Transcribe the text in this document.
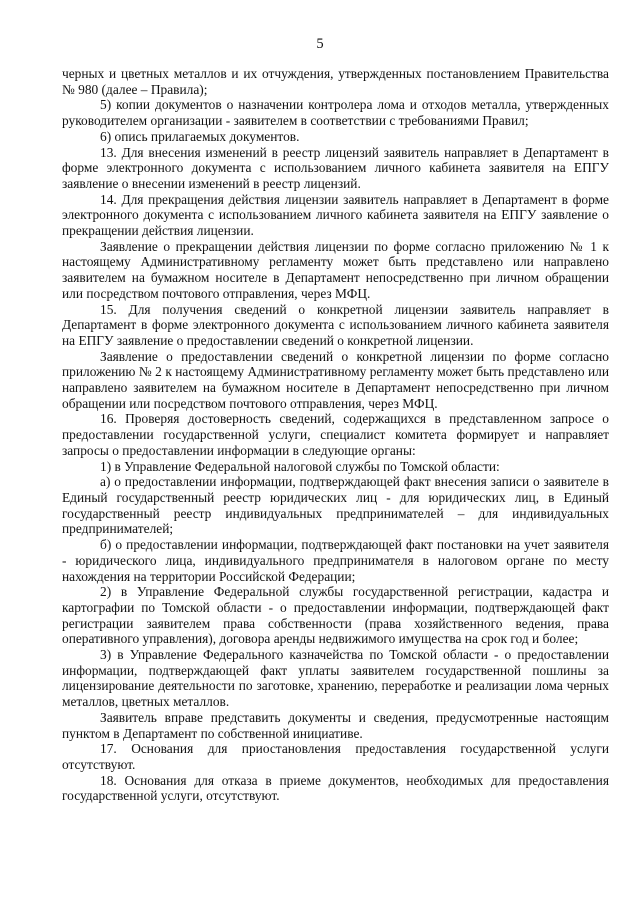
5

черных и цветных металлов и их отчуждения, утвержденных постановлением Правительства № 980 (далее – Правила);

5) копии документов о назначении контролера лома и отходов металла, утвержденных руководителем организации - заявителем в соответствии с требованиями Правил;

6) опись прилагаемых документов.

13. Для внесения изменений в реестр лицензий заявитель направляет в Департамент в форме электронного документа с использованием личного кабинета заявителя на ЕПГУ заявление о внесении изменений в реестр лицензий.

14. Для прекращения действия лицензии заявитель направляет в Департамент в форме электронного документа с использованием личного кабинета заявителя на ЕПГУ заявление о прекращении действия лицензии.

Заявление о прекращении действия лицензии по форме согласно приложению № 1 к настоящему Административному регламенту может быть представлено или направлено заявителем на бумажном носителе в Департамент непосредственно при личном обращении или посредством почтового отправления, через МФЦ.

15. Для получения сведений о конкретной лицензии заявитель направляет в Департамент в форме электронного документа с использованием личного кабинета заявителя на ЕПГУ заявление о предоставлении сведений о конкретной лицензии.

Заявление о предоставлении сведений о конкретной лицензии по форме согласно приложению № 2 к настоящему Административному регламенту может быть представлено или направлено заявителем на бумажном носителе в Департамент непосредственно при личном обращении или посредством почтового отправления, через МФЦ.

16. Проверяя достоверность сведений, содержащихся в представленном запросе о предоставлении государственной услуги, специалист комитета формирует и направляет запросы о предоставлении информации в следующие органы:

1) в Управление Федеральной налоговой службы по Томской области:

а) о предоставлении информации, подтверждающей факт внесения записи о заявителе в Единый государственный реестр юридических лиц - для юридических лиц, в Единый государственный реестр индивидуальных предпринимателей – для индивидуальных предпринимателей;

б) о предоставлении информации, подтверждающей факт постановки на учет заявителя - юридического лица, индивидуального предпринимателя в налоговом органе по месту нахождения на территории Российской Федерации;

2) в Управление Федеральной службы государственной регистрации, кадастра и картографии по Томской области - о предоставлении информации, подтверждающей факт регистрации заявителем права собственности (права хозяйственного ведения, права оперативного управления), договора аренды недвижимого имущества на срок год и более;

3) в Управление Федерального казначейства по Томской области - о предоставлении информации, подтверждающей факт уплаты заявителем государственной пошлины за лицензирование деятельности по заготовке, хранению, переработке и реализации лома черных металлов, цветных металлов.

Заявитель вправе представить документы и сведения, предусмотренные настоящим пунктом в Департамент по собственной инициативе.

17. Основания для приостановления предоставления государственной услуги отсутствуют.

18. Основания для отказа в приеме документов, необходимых для предоставления государственной услуги, отсутствуют.
